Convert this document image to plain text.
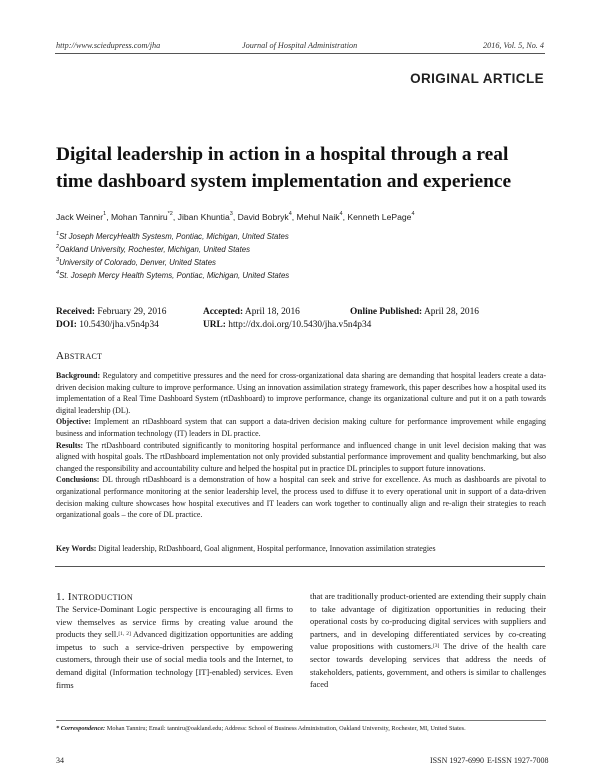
http://www.sciedupress.com/jha	Journal of Hospital Administration	2016, Vol. 5, No. 4
ORIGINAL ARTICLE
Digital leadership in action in a hospital through a real time dashboard system implementation and experience
Jack Weiner$^1$, Mohan Tanniru$^{*2}$, Jiban Khuntia$^3$, David Bobryk$^4$, Mehul Naik$^4$, Kenneth LePage$^4$
$^1$St Joseph MercyHealth Systesm, Pontiac, Michigan, United States
$^2$Oakland University, Rochester, Michigan, United States
$^3$University of Colorado, Denver, United States
$^4$St. Joseph Mercy Health Sytems, Pontiac, Michigan, United States
Received: February 29, 2016	Accepted: April 18, 2016	Online Published: April 28, 2016
DOI: 10.5430/jha.v5n4p34	URL: http://dx.doi.org/10.5430/jha.v5n4p34
Abstract

Background: Regulatory and competitive pressures and the need for cross-organizational data sharing are demanding that hospital leaders create a data-driven decision making culture to improve performance. Using an innovation assimilation strategy framework, this paper describes how a hospital used its implementation of a Real Time Dashboard System (rtDashboard) to improve performance, change its organizational culture and put it on a path towards digital leadership (DL).

Objective: Implement an rtDashboard system that can support a data-driven decision making culture for performance improvement while engaging business and information technology (IT) leaders in DL practice.

Results: The rtDashboard contributed significantly to monitoring hospital performance and influenced change in unit level decision making that was aligned with hospital goals. The rtDashboard implementation not only provided substantial performance improvement and quality benchmarking, but also changed the responsibility and accountability culture and helped the hospital put in practice DL principles to support future innovations.

Conclusions: DL through rtDashboard is a demonstration of how a hospital can seek and strive for excellence. As much as dashboards are pivotal to organizational performance monitoring at the senior leadership level, the process used to diffuse it to every operational unit in support of a data-driven decision making culture showcases how hospital executives and IT leaders can work together to continually align and re-align their strategies to reach organizational goals – the core of DL practice.

Key Words: Digital leadership, RtDashboard, Goal alignment, Hospital performance, Innovation assimilation strategies
1. Introduction
The Service-Dominant Logic perspective is encouraging all firms to view themselves as service firms by creating value around the products they sell.[1, 2] Advanced digitization opportunities are adding impetus to such a service-driven perspective by empowering customers, through their use of social media tools and the Internet, to demand digital (Information technology [IT]-enabled) services. Even firms
that are traditionally product-oriented are extending their supply chain to take advantage of digitization opportunities in reducing their operational costs by co-producing digital services with suppliers and partners, and in developing differentiated services by co-creating value propositions with customers.[3] The drive of the health care sector towards developing services that address the needs of stakeholders, patients, government, and others is similar to challenges faced
* Correspondence: Mohan Tanniru; Email: tanniru@oakland.edu; Address: School of Business Administration, Oakland University, Rochester, MI, United States.
34	ISSN 1927-6990 E-ISSN 1927-7008
